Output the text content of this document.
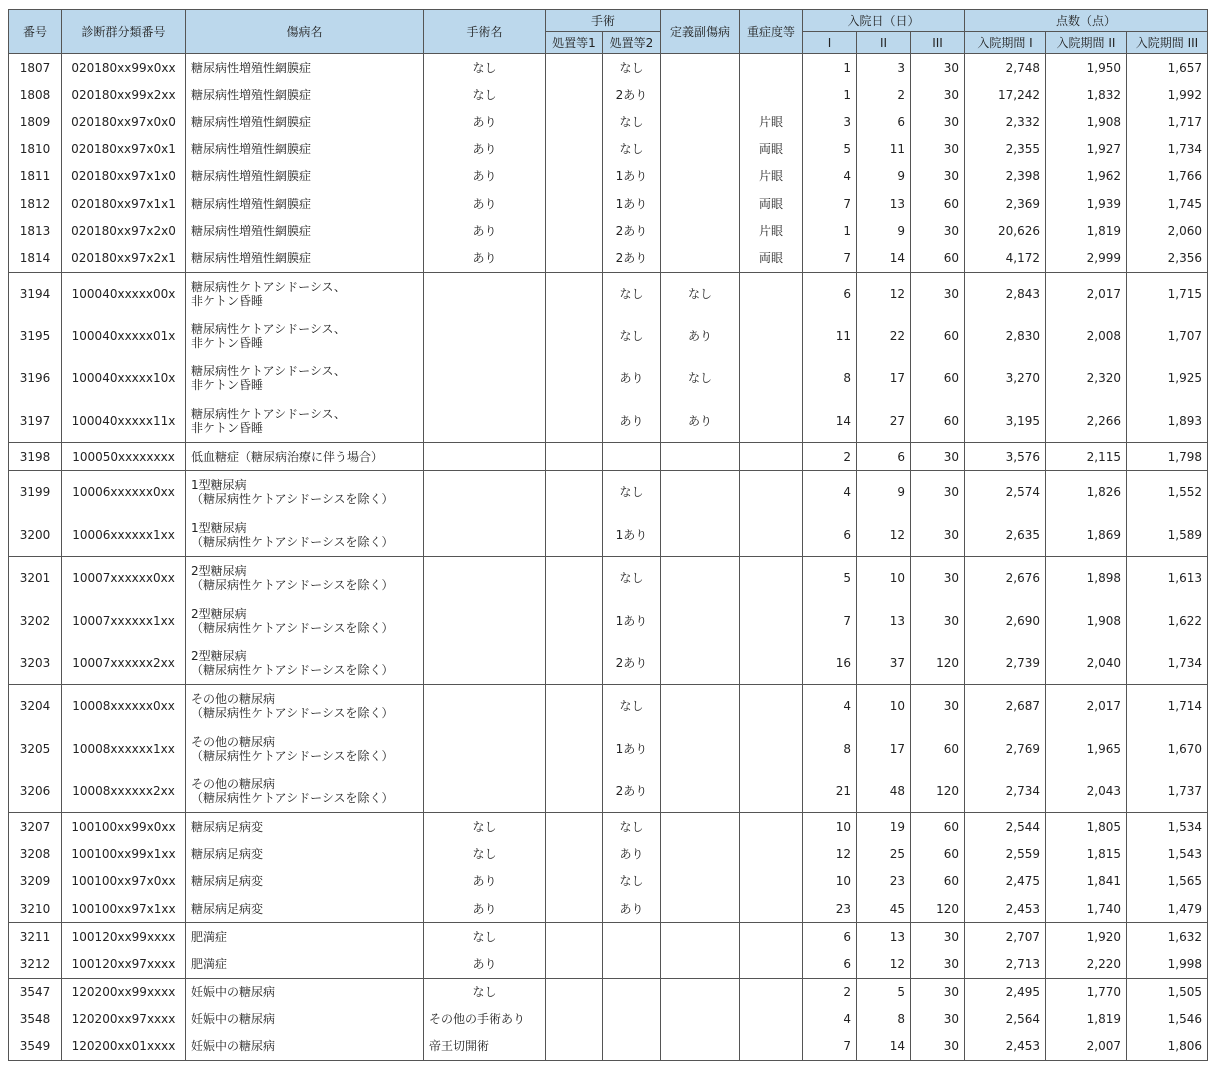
番号	診断群分類番号	傷病名	手術名	手術		定義副傷病	重症度等	入院日（日）			点数（点）		
				処置等1	処置等2			I	II	III	入院期間 I	入院期間 II	入院期間 III
1807	020180xx99x0xx	糖尿病性増殖性網膜症	なし		なし			1	3	30	2,748	1,950	1,657
1808	020180xx99x2xx	糖尿病性増殖性網膜症	なし		2あり			1	2	30	17,242	1,832	1,992
1809	020180xx97x0x0	糖尿病性増殖性網膜症	あり		なし		片眼	3	6	30	2,332	1,908	1,717
1810	020180xx97x0x1	糖尿病性増殖性網膜症	あり		なし		両眼	5	11	30	2,355	1,927	1,734
1811	020180xx97x1x0	糖尿病性増殖性網膜症	あり		1あり		片眼	4	9	30	2,398	1,962	1,766
1812	020180xx97x1x1	糖尿病性増殖性網膜症	あり		1あり		両眼	7	13	60	2,369	1,939	1,745
1813	020180xx97x2x0	糖尿病性増殖性網膜症	あり		2あり		片眼	1	9	30	20,626	1,819	2,060
1814	020180xx97x2x1	糖尿病性増殖性網膜症	あり		2あり		両眼	7	14	60	4,172	2,999	2,356
3194	100040xxxxx00x	糖尿病性ケトアシドーシス、
非ケトン昏睡			なし	なし		6	12	30	2,843	2,017	1,715
3195	100040xxxxx01x	糖尿病性ケトアシドーシス、
非ケトン昏睡			なし	あり		11	22	60	2,830	2,008	1,707
3196	100040xxxxx10x	糖尿病性ケトアシドーシス、
非ケトン昏睡			あり	なし		8	17	60	3,270	2,320	1,925
3197	100040xxxxx11x	糖尿病性ケトアシドーシス、
非ケトン昏睡			あり	あり		14	27	60	3,195	2,266	1,893
3198	100050xxxxxxxx	低血糖症（糖尿病治療に伴う場合）						2	6	30	3,576	2,115	1,798
3199	10006xxxxxx0xx	1型糖尿病
（糖尿病性ケトアシドーシスを除く）			なし			4	9	30	2,574	1,826	1,552
3200	10006xxxxxx1xx	1型糖尿病
（糖尿病性ケトアシドーシスを除く）			1あり			6	12	30	2,635	1,869	1,589
3201	10007xxxxxx0xx	2型糖尿病
（糖尿病性ケトアシドーシスを除く）			なし			5	10	30	2,676	1,898	1,613
3202	10007xxxxxx1xx	2型糖尿病
（糖尿病性ケトアシドーシスを除く）			1あり			7	13	30	2,690	1,908	1,622
3203	10007xxxxxx2xx	2型糖尿病
（糖尿病性ケトアシドーシスを除く）			2あり			16	37	120	2,739	2,040	1,734
3204	10008xxxxxx0xx	その他の糖尿病
（糖尿病性ケトアシドーシスを除く）			なし			4	10	30	2,687	2,017	1,714
3205	10008xxxxxx1xx	その他の糖尿病
（糖尿病性ケトアシドーシスを除く）			1あり			8	17	60	2,769	1,965	1,670
3206	10008xxxxxx2xx	その他の糖尿病
（糖尿病性ケトアシドーシスを除く）			2あり			21	48	120	2,734	2,043	1,737
3207	100100xx99x0xx	糖尿病足病変	なし		なし			10	19	60	2,544	1,805	1,534
3208	100100xx99x1xx	糖尿病足病変	なし		あり			12	25	60	2,559	1,815	1,543
3209	100100xx97x0xx	糖尿病足病変	あり		なし			10	23	60	2,475	1,841	1,565
3210	100100xx97x1xx	糖尿病足病変	あり		あり			23	45	120	2,453	1,740	1,479
3211	100120xx99xxxx	肥満症	なし					6	13	30	2,707	1,920	1,632
3212	100120xx97xxxx	肥満症	あり					6	12	30	2,713	2,220	1,998
3547	120200xx99xxxx	妊娠中の糖尿病	なし					2	5	30	2,495	1,770	1,505
3548	120200xx97xxxx	妊娠中の糖尿病	その他の手術あり					4	8	30	2,564	1,819	1,546
3549	120200xx01xxxx	妊娠中の糖尿病	帝王切開術					7	14	30	2,453	2,007	1,806
